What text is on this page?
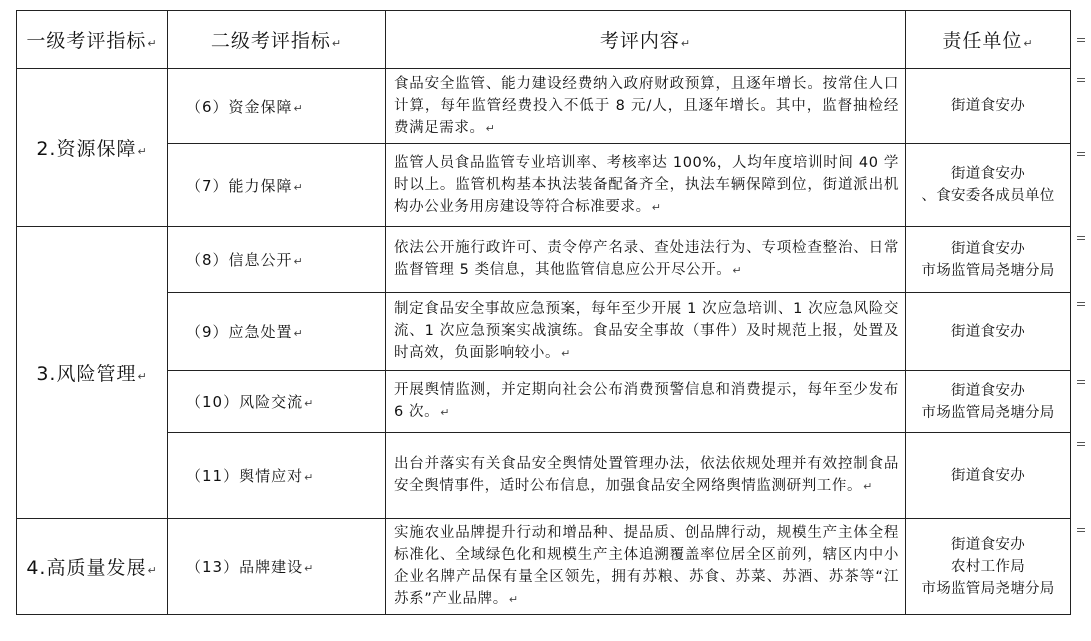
一级考评指标↵	二级考评指标↵	考评内容↵	责任单位↵
2.资源保障↵	（6）资金保障↵	食品安全监管、能力建设经费纳入政府财政预算，且逐年增长。按常住人口计算，每年监管经费投入不低于 8 元/人，且逐年增长。其中，监督抽检经费满足需求。↵	街道食安办

	（7）能力保障↵	监管人员食品监管专业培训率、考核率达 100%，人均年度培训时间 40 学时以上。监管机构基本执法装备配备齐全，执法车辆保障到位，街道派出机构办公业务用房建设等符合标准要求。↵	街道食安办
、食安委各成员单位

3.风险管理↵	（8）信息公开↵	依法公开施行政许可、责令停产名录、查处违法行为、专项检查整治、日常监督管理 5 类信息，其他监管信息应公开尽公开。↵	街道食安办
市场监管局尧塘分局

	（9）应急处置↵	制定食品安全事故应急预案，每年至少开展 1 次应急培训、1 次应急风险交流、1 次应急预案实战演练。食品安全事故（事件）及时规范上报，处置及时高效，负面影响较小。↵	街道食安办

	（10）风险交流↵	开展舆情监测，并定期向社会公布消费预警信息和消费提示，每年至少发布 6 次。↵	街道食安办
市场监管局尧塘分局

	（11）舆情应对↵	出台并落实有关食品安全舆情处置管理办法，依法依规处理并有效控制食品安全舆情事件，适时公布信息，加强食品安全网络舆情监测研判工作。↵	街道食安办

4.高质量发展↵	（13）品牌建设↵	实施农业品牌提升行动和增品种、提品质、创品牌行动，规模生产主体全程标准化、全域绿色化和规模生产主体追溯覆盖率位居全区前列，辖区内中小企业名牌产品保有量全区领先，拥有苏粮、苏食、苏菜、苏酒、苏茶等“江苏系”产业品牌。↵	街道食安办
农村工作局
市场监管局尧塘分局
